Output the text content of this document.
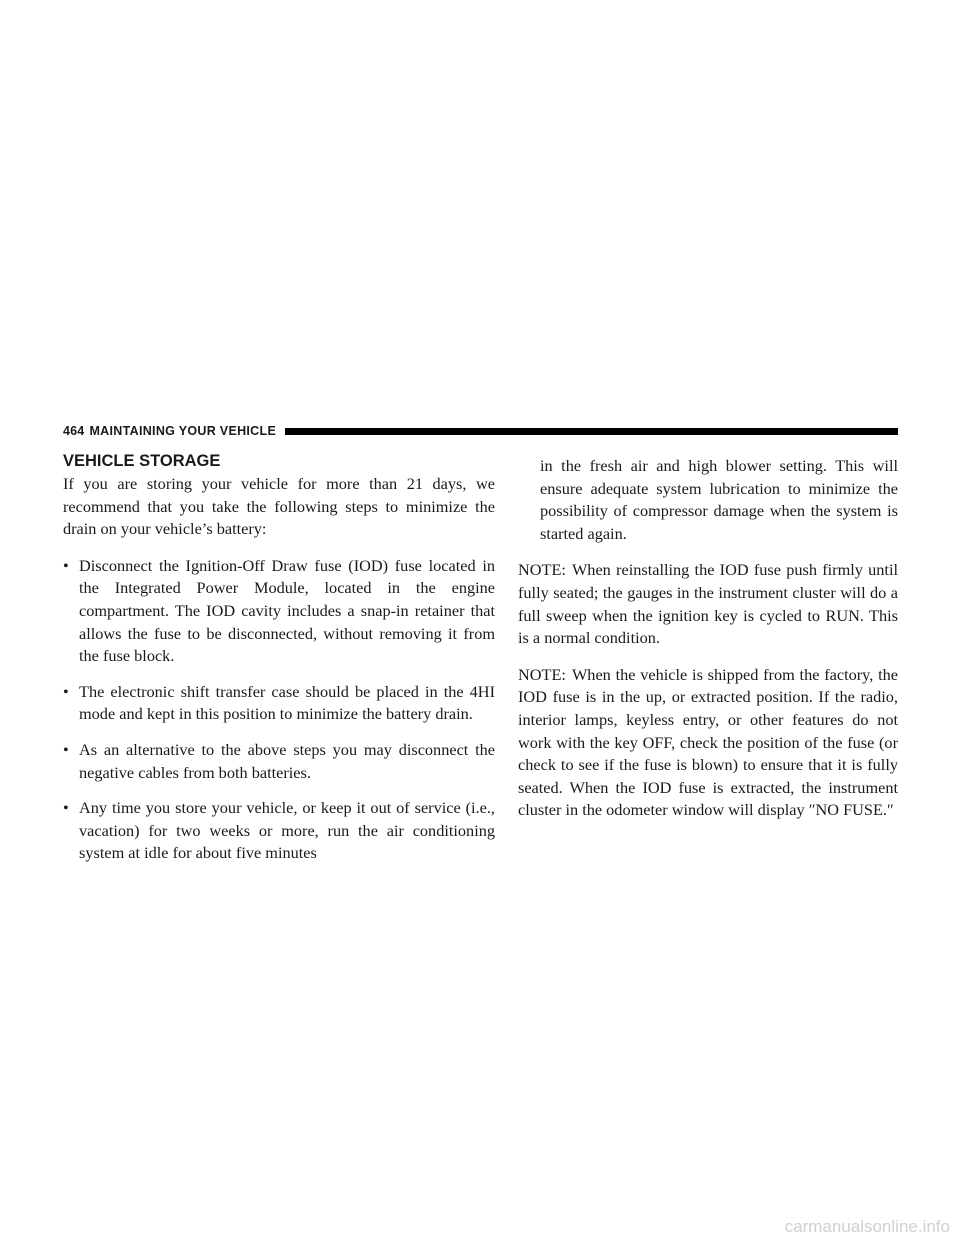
464 MAINTAINING YOUR VEHICLE
VEHICLE STORAGE

If you are storing your vehicle for more than 21 days, we recommend that you take the following steps to minimize the drain on your vehicle’s battery:

• Disconnect the Ignition-Off Draw fuse (IOD) fuse located in the Integrated Power Module, located in the engine compartment. The IOD cavity includes a snap-in retainer that allows the fuse to be disconnected, without removing it from the fuse block.
• The electronic shift transfer case should be placed in the 4HI mode and kept in this position to minimize the battery drain.
• As an alternative to the above steps you may disconnect the negative cables from both batteries.
• Any time you store your vehicle, or keep it out of service (i.e., vacation) for two weeks or more, run the air conditioning system at idle for about five minutes

in the fresh air and high blower setting. This will ensure adequate system lubrication to minimize the possibility of compressor damage when the system is started again.

NOTE: When reinstalling the IOD fuse push firmly until fully seated; the gauges in the instrument cluster will do a full sweep when the ignition key is cycled to RUN. This is a normal condition.

NOTE: When the vehicle is shipped from the factory, the IOD fuse is in the up, or extracted position. If the radio, interior lamps, keyless entry, or other features do not work with the key OFF, check the position of the fuse (or check to see if the fuse is blown) to ensure that it is fully seated. When the IOD fuse is extracted, the instrument cluster in the odometer window will display ″NO FUSE.″

carmanualsonline.info
